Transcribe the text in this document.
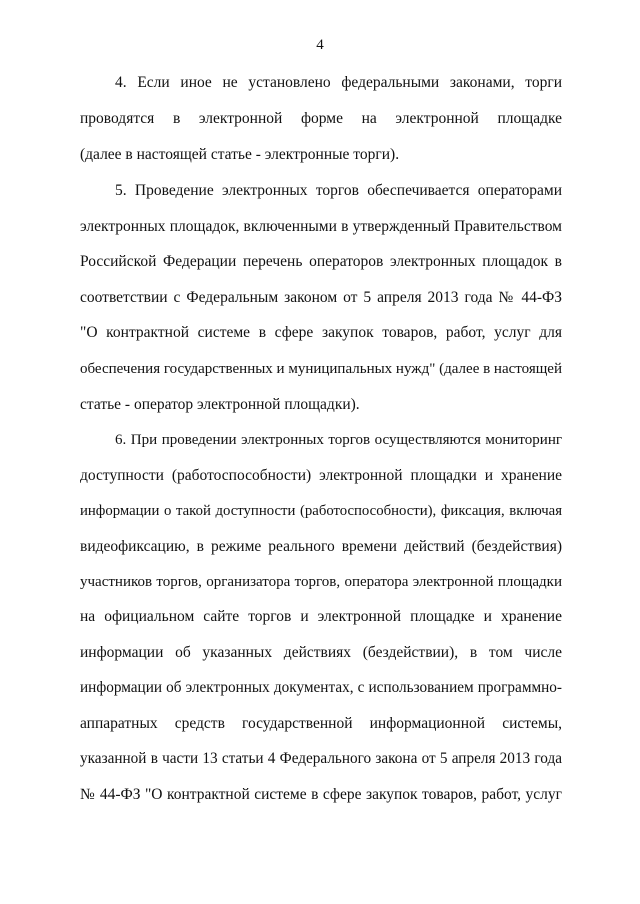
4
4. Если иное не установлено федеральными законами, торги
проводятся в электронной форме на электронной площадке
(далее в настоящей статье - электронные торги).
5. Проведение электронных торгов обеспечивается операторами
электронных площадок, включенными в утвержденный Правительством
Российской Федерации перечень операторов электронных площадок в
соответствии с Федеральным законом от 5 апреля 2013 года № 44-ФЗ
"О контрактной системе в сфере закупок товаров, работ, услуг для
обеспечения государственных и муниципальных нужд" (далее в настоящей
статье - оператор электронной площадки).
6. При проведении электронных торгов осуществляются мониторинг
доступности (работоспособности) электронной площадки и хранение
информации о такой доступности (работоспособности), фиксация, включая
видеофиксацию, в режиме реального времени действий (бездействия)
участников торгов, организатора торгов, оператора электронной площадки
на официальном сайте торгов и электронной площадке и хранение
информации об указанных действиях (бездействии), в том числе
информации об электронных документах, с использованием программно-
аппаратных средств государственной информационной системы,
указанной в части 13 статьи 4 Федерального закона от 5 апреля 2013 года
№ 44-ФЗ "О контрактной системе в сфере закупок товаров, работ, услуг
